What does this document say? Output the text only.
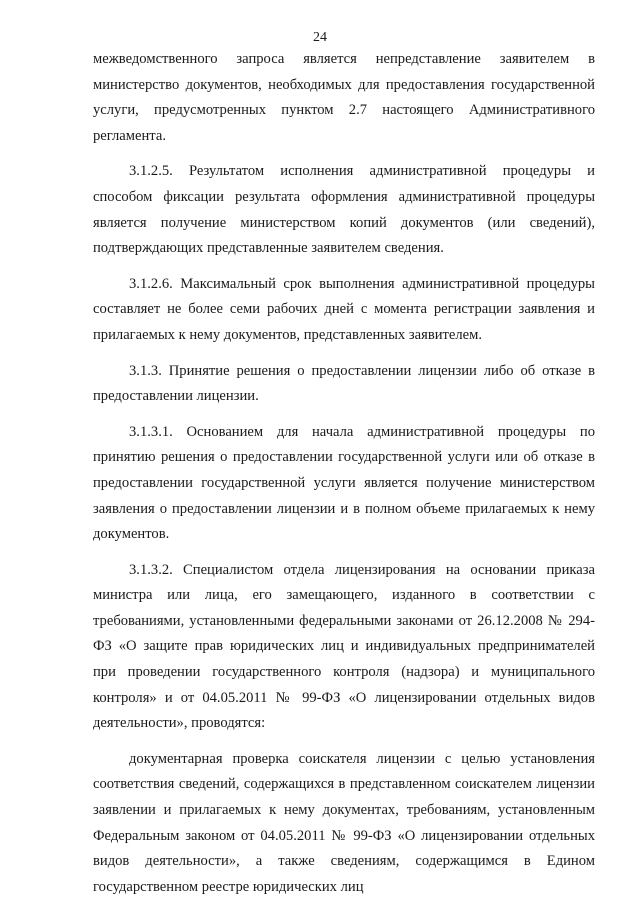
24

межведомственного запроса является непредставление заявителем в министерство документов, необходимых для предоставления государственной услуги, предусмотренных пунктом 2.7 настоящего Административного регламента.

3.1.2.5. Результатом исполнения административной процедуры и способом фиксации результата оформления административной процедуры является получение министерством копий документов (или сведений), подтверждающих представленные заявителем сведения.

3.1.2.6. Максимальный срок выполнения административной процедуры составляет не более семи рабочих дней с момента регистрации заявления и прилагаемых к нему документов, представленных заявителем.

3.1.3. Принятие решения о предоставлении лицензии либо об отказе в предоставлении лицензии.

3.1.3.1. Основанием для начала административной процедуры по принятию решения о предоставлении государственной услуги или об отказе в предоставлении государственной услуги является получение министерством заявления о предоставлении лицензии и в полном объеме прилагаемых к нему документов.

3.1.3.2. Специалистом отдела лицензирования на основании приказа министра или лица, его замещающего, изданного в соответствии с требованиями, установленными федеральными законами от 26.12.2008 № 294-ФЗ «О защите прав юридических лиц и индивидуальных предпринимателей при проведении государственного контроля (надзора) и муниципального контроля» и от 04.05.2011 № 99-ФЗ «О лицензировании отдельных видов деятельности», проводятся:

документарная проверка соискателя лицензии с целью установления соответствия сведений, содержащихся в представленном соискателем лицензии заявлении и прилагаемых к нему документах, требованиям, установленным Федеральным законом от 04.05.2011 № 99-ФЗ «О лицензировании отдельных видов деятельности», а также сведениям, содержащимся в Едином государственном реестре юридических лиц
